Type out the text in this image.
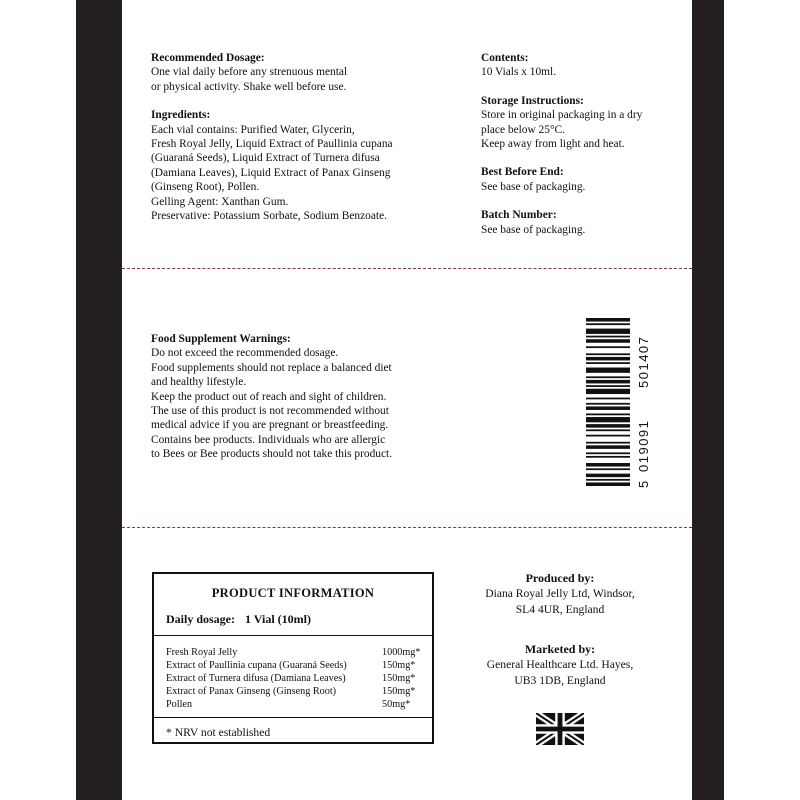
Recommended Dosage:
One vial daily before any strenuous mental
or physical activity. Shake well before use.
Ingredients:
Each vial contains: Purified Water, Glycerin,
Fresh Royal Jelly, Liquid Extract of Paullinia cupana
(Guaraná Seeds), Liquid Extract of Turnera difusa
(Damiana Leaves), Liquid Extract of Panax Ginseng
(Ginseng Root), Pollen.
Gelling Agent: Xanthan Gum.
Preservative: Potassium Sorbate, Sodium Benzoate.
Contents:
10 Vials x 10ml.
Storage Instructions:
Store in original packaging in a dry
place below 25°C.
Keep away from light and heat.
Best Before End:
See base of packaging.
Batch Number:
See base of packaging.
Food Supplement Warnings:
Do not exceed the recommended dosage.
Food supplements should not replace a balanced diet
and healthy lifestyle.
Keep the product out of reach and sight of children.
The use of this product is not recommended without
medical advice if you are pregnant or breastfeeding.
Contains bee products. Individuals who are allergic
to Bees or Bee products should not take this product.
5
019091
501407
PRODUCT INFORMATION
Daily dosage: 1 Vial (10ml)
Fresh Royal Jelly	1000mg*
Extract of Paullinia cupana (Guaraná Seeds)	150mg*
Extract of Turnera difusa (Damiana Leaves)	150mg*
Extract of Panax Ginseng (Ginseng Root)	150mg*
Pollen	50mg*
* NRV not established
Produced by:
Diana Royal Jelly Ltd, Windsor,
SL4 4UR, England
Marketed by:
General Healthcare Ltd. Hayes,
UB3 1DB, England
